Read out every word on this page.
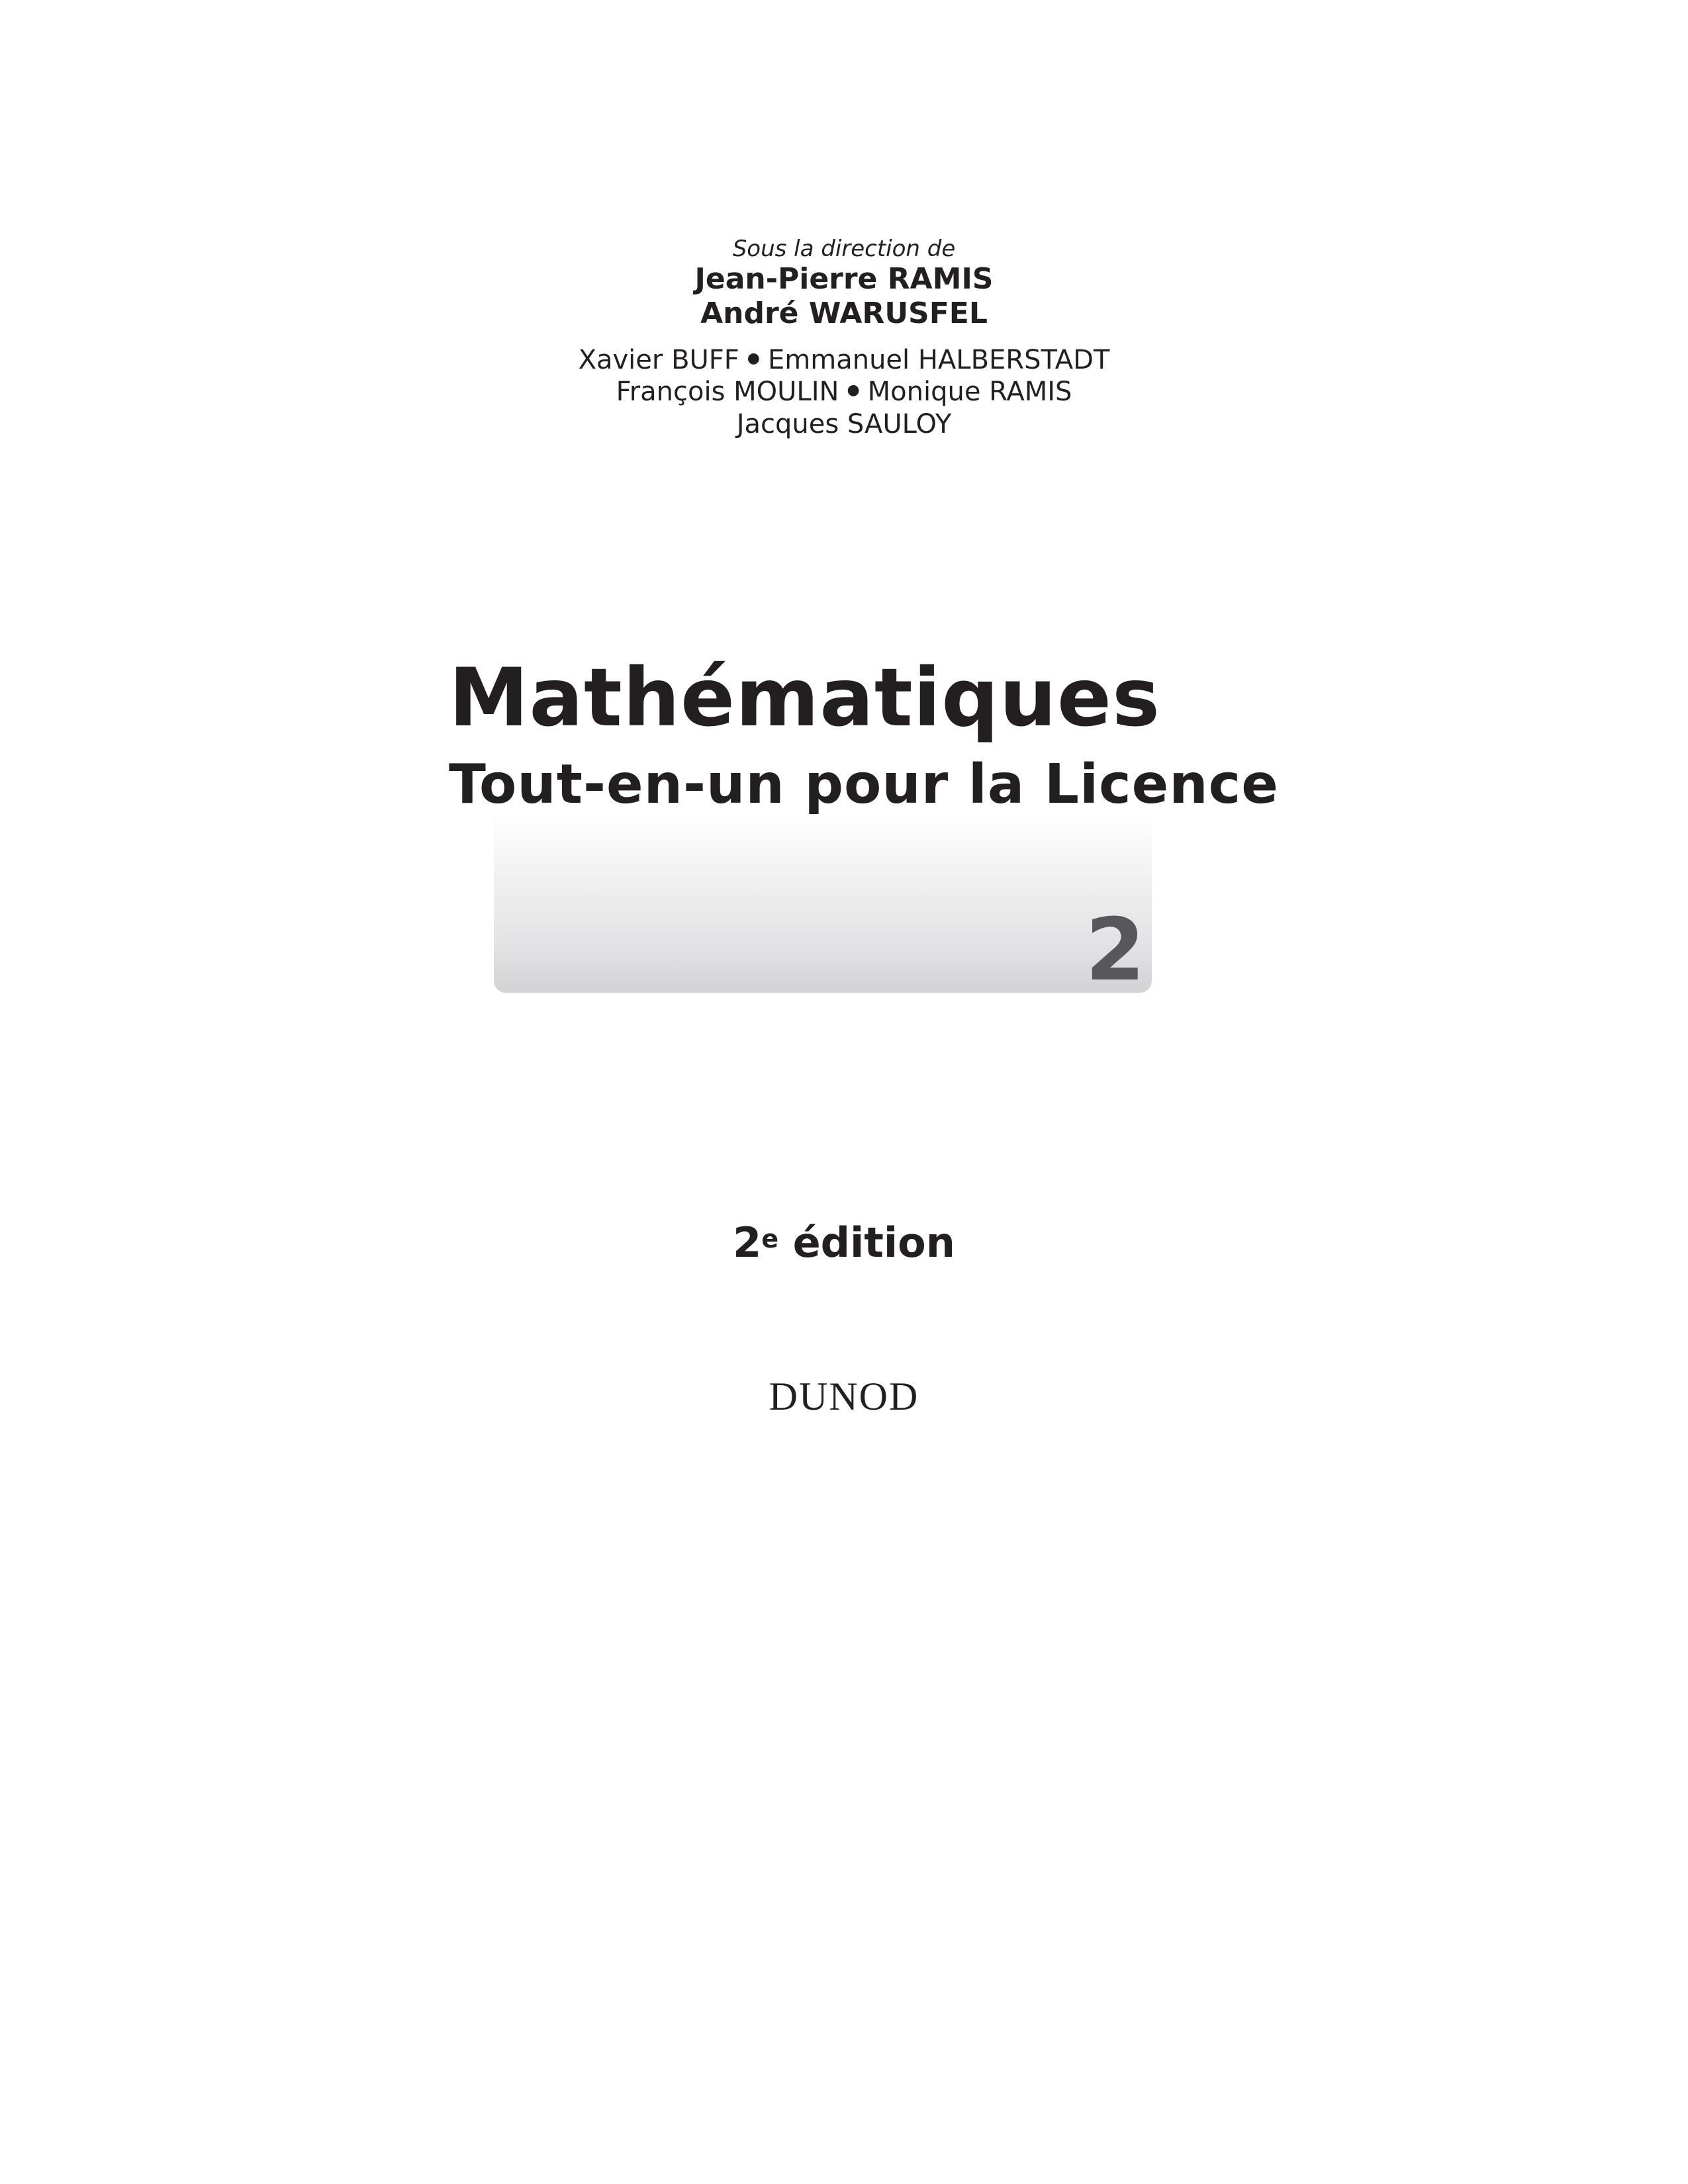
Sous la direction de
Jean-Pierre RAMIS
André WARUSFEL
Xavier BUFF ● Emmanuel HALBERSTADT
François MOULIN ● Monique RAMIS
Jacques SAULOY
2
Mathématiques
Tout-en-un pour la Licence
2e édition
DUNOD
